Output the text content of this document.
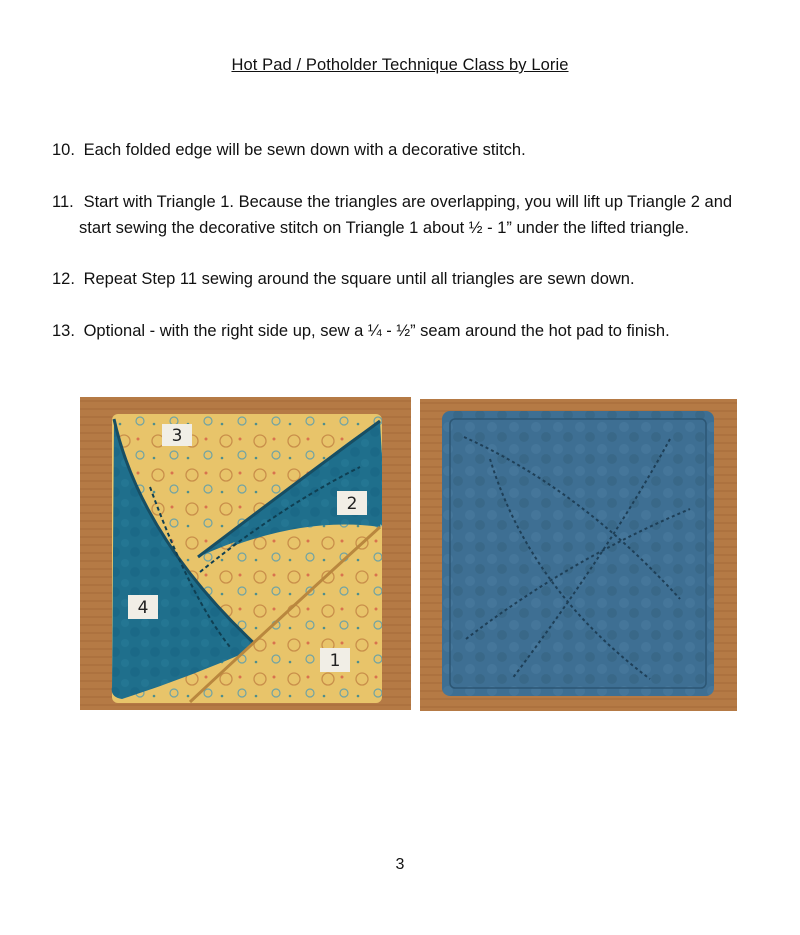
Hot Pad / Potholder Technique Class by Lorie
10. Each folded edge will be sewn down with a decorative stitch.
11. Start with Triangle 1. Because the triangles are overlapping, you will lift up Triangle 2 and
start sewing the decorative stitch on Triangle 1 about ½ - 1” under the lifted triangle.
12. Repeat Step 11 sewing around the square until all triangles are sewn down.
13. Optional - with the right side up, sew a ¼ - ½” seam around the hot pad to finish.
3
2
4
1
3
